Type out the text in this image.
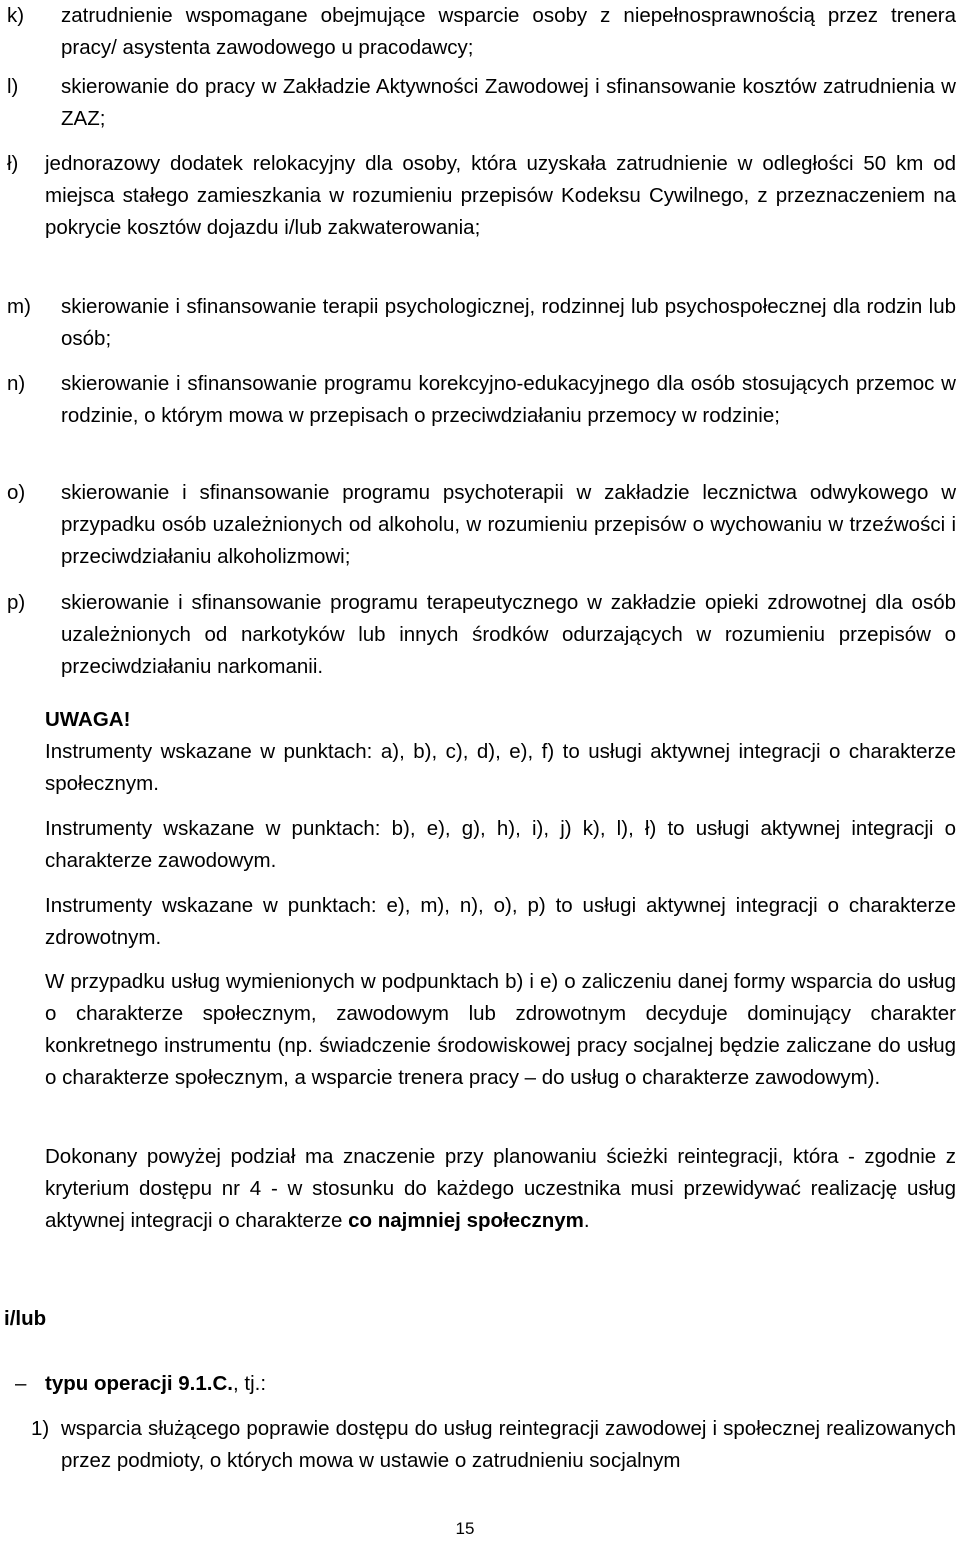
k) zatrudnienie wspomagane obejmujące wsparcie osoby z niepełnosprawnością przez trenera pracy/ asystenta zawodowego u pracodawcy;
l) skierowanie do pracy w Zakładzie Aktywności Zawodowej i sfinansowanie kosztów zatrudnienia w ZAZ;
ł) jednorazowy dodatek relokacyjny dla osoby, która uzyskała zatrudnienie w odległości 50 km od miejsca stałego zamieszkania w rozumieniu przepisów Kodeksu Cywilnego, z przeznaczeniem na pokrycie kosztów dojazdu i/lub zakwaterowania;
m) skierowanie i sfinansowanie terapii psychologicznej, rodzinnej lub psychospołecznej dla rodzin lub osób;
n) skierowanie i sfinansowanie programu korekcyjno-edukacyjnego dla osób stosujących przemoc w rodzinie, o którym mowa w przepisach o przeciwdziałaniu przemocy w rodzinie;
o) skierowanie i sfinansowanie programu psychoterapii w zakładzie lecznictwa odwykowego w przypadku osób uzależnionych od alkoholu, w rozumieniu przepisów o wychowaniu w trzeźwości i przeciwdziałaniu alkoholizmowi;
p) skierowanie i sfinansowanie programu terapeutycznego w zakładzie opieki zdrowotnej dla osób uzależnionych od narkotyków lub innych środków odurzających w rozumieniu przepisów o przeciwdziałaniu narkomanii.
UWAGA!
Instrumenty wskazane w punktach: a), b), c), d), e), f) to usługi aktywnej integracji o charakterze społecznym.
Instrumenty wskazane w punktach: b), e), g), h), i), j) k), l), ł) to usługi aktywnej integracji o charakterze zawodowym.
Instrumenty wskazane w punktach: e), m), n), o), p) to usługi aktywnej integracji o charakterze zdrowotnym.
W przypadku usług wymienionych w podpunktach b) i e) o zaliczeniu danej formy wsparcia do usług o charakterze społecznym, zawodowym lub zdrowotnym decyduje dominujący charakter konkretnego instrumentu (np. świadczenie środowiskowej pracy socjalnej będzie zaliczane do usług o charakterze społecznym, a wsparcie trenera pracy – do usług o charakterze zawodowym).
Dokonany powyżej podział ma znaczenie przy planowaniu ścieżki reintegracji, która - zgodnie z kryterium dostępu nr 4 - w stosunku do każdego uczestnika musi przewidywać realizację usług aktywnej integracji o charakterze co najmniej społecznym.
i/lub
– typu operacji 9.1.C., tj.:
1) wsparcia służącego poprawie dostępu do usług reintegracji zawodowej i społecznej realizowanych przez podmioty, o których mowa w ustawie o zatrudnieniu socjalnym
15
